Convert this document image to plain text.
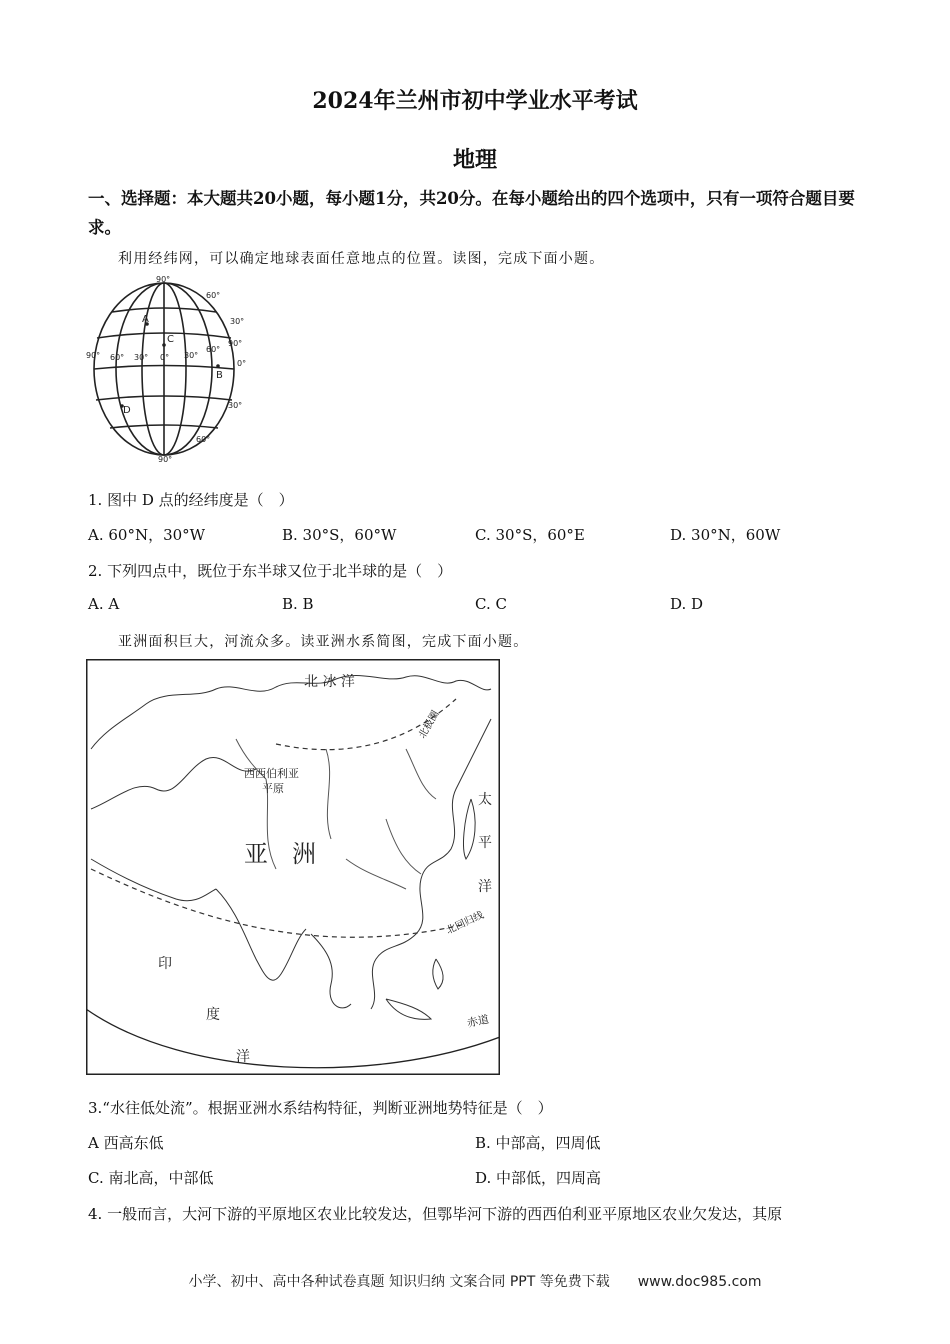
2024年兰州市初中学业水平考试
地理
一、选择题：本大题共20小题，每小题1分，共20分。在每小题给出的四个选项中，只有一项符合题目要求。
利用经纬网，可以确定地球表面任意地点的位置。读图，完成下面小题。
A
B
C
D
90°
60°
30°
0°
30°
60°
90°
90° 60° 30° 0° 30°
60°
90°
1. 图中 D 点的经纬度是（　）
A. 60°N，30°W	B. 30°S，60°W	C. 30°S，60°E	D. 30°N，60W
2. 下列四点中，既位于东半球又位于北半球的是（　）
A. A	B. B	C. C	D. D
亚洲面积巨大，河流众多。读亚洲水系简图，完成下面小题。
北 冰 洋
北极圈
西西伯利亚
平原
亚　洲
北回归线
赤道
太
平
洋
印
度
洋
3.“水往低处流”。根据亚洲水系结构特征，判断亚洲地势特征是（　）
A 西高东低	B. 中部高，四周低
C. 南北高，中部低	D. 中部低，四周高
4. 一般而言，大河下游的平原地区农业比较发达，但鄂毕河下游的西西伯利亚平原地区农业欠发达，其原
小学、初中、高中各种试卷真题 知识归纳 文案合同 PPT 等免费下载　　www.doc985.com
